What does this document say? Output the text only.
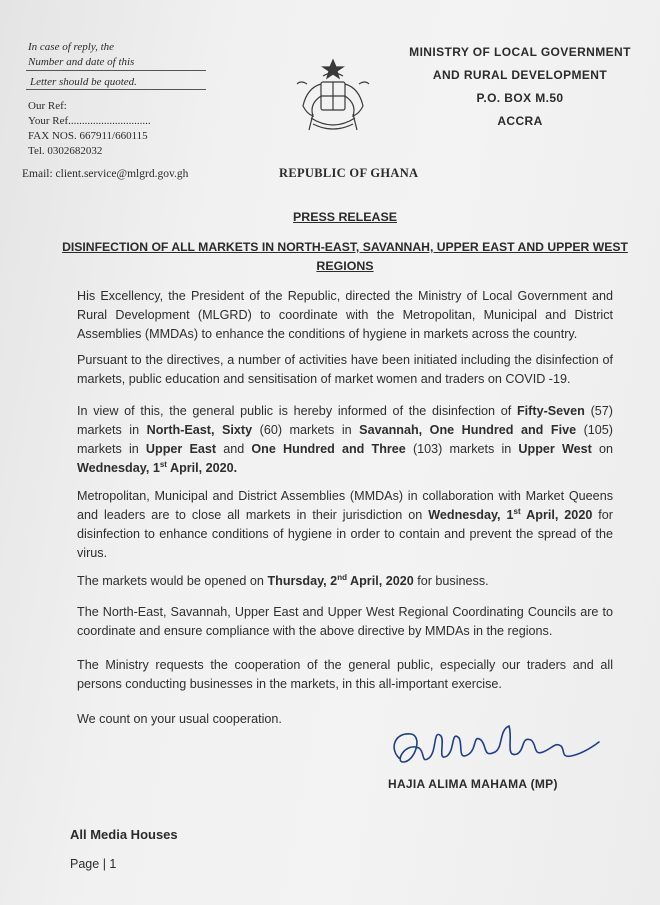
In case of reply, the
Number and date of this
Letter should be quoted.
Our Ref:
Your Ref..............................
FAX NOS. 667911/660115
Tel. 0302682032
Email: client.service@mlgrd.gov.gh
MINISTRY OF LOCAL GOVERNMENT
AND RURAL DEVELOPMENT
P.O. BOX M.50
ACCRA
REPUBLIC OF GHANA
PRESS RELEASE
DISINFECTION OF ALL MARKETS IN NORTH-EAST, SAVANNAH, UPPER EAST AND UPPER WEST
REGIONS
His Excellency, the President of the Republic, directed the Ministry of Local Government and Rural Development (MLGRD) to coordinate with the Metropolitan, Municipal and District Assemblies (MMDAs) to enhance the conditions of hygiene in markets across the country.
Pursuant to the directives, a number of activities have been initiated including the disinfection of markets, public education and sensitisation of market women and traders on COVID -19.
In view of this, the general public is hereby informed of the disinfection of Fifty-Seven (57) markets in North-East, Sixty (60) markets in Savannah, One Hundred and Five (105) markets in Upper East and One Hundred and Three (103) markets in Upper West on Wednesday, 1st April, 2020.
Metropolitan, Municipal and District Assemblies (MMDAs) in collaboration with Market Queens and leaders are to close all markets in their jurisdiction on Wednesday, 1st April, 2020 for disinfection to enhance conditions of hygiene in order to contain and prevent the spread of the virus.
The markets would be opened on Thursday, 2nd April, 2020 for business.
The North-East, Savannah, Upper East and Upper West Regional Coordinating Councils are to coordinate and ensure compliance with the above directive by MMDAs in the regions.
The Ministry requests the cooperation of the general public, especially our traders and all persons conducting businesses in the markets, in this all-important exercise.
We count on your usual cooperation.
HAJIA ALIMA MAHAMA (MP)
All Media Houses
Page | 1
